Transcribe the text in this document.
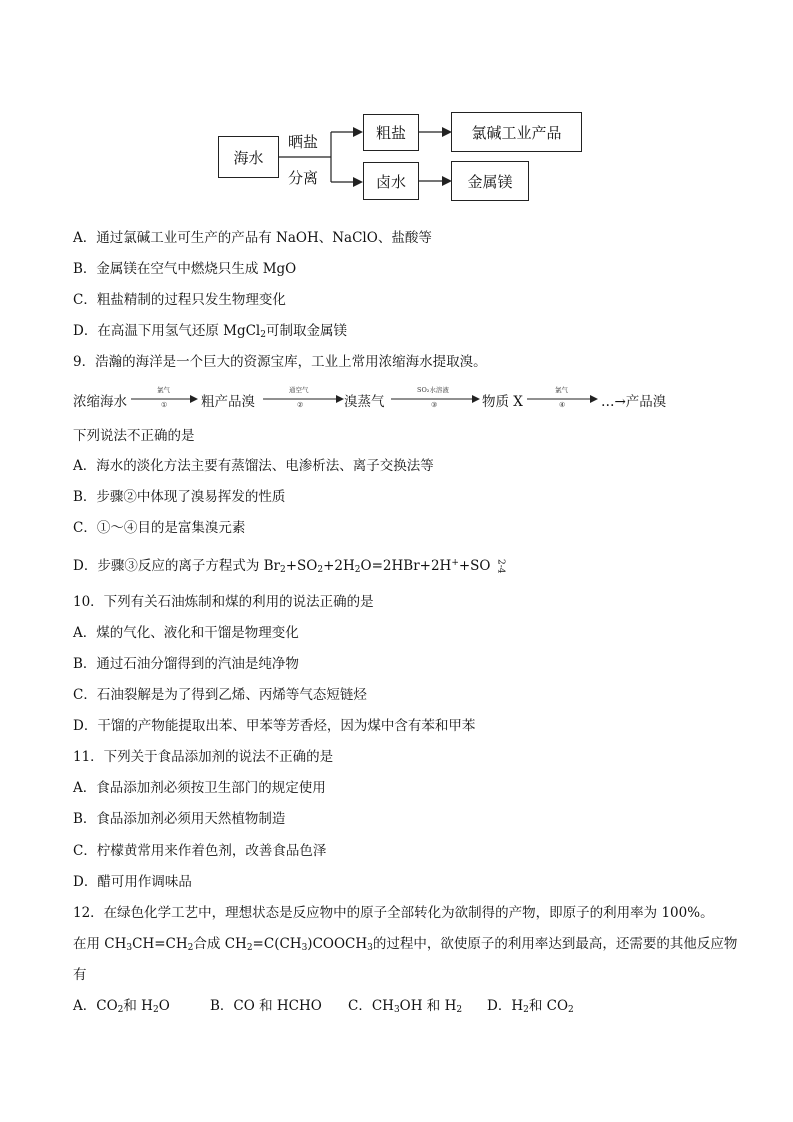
海水
晒盐
分离
粗盐	氯碱工业产品
卤水	金属镁
A．通过氯碱工业可生产的产品有 NaOH、NaClO、盐酸等
B．金属镁在空气中燃烧只生成 MgO
C．粗盐精制的过程只发生物理变化
D．在高温下用氢气还原 MgCl$_2$可制取金属镁
9．浩瀚的海洋是一个巨大的资源宝库，工业上常用浓缩海水提取溴。
浓缩海水
氯气
① 粗产品溴
通空气
②	溴蒸气
SO₂水溶液
③	物质 X
氯气
④	…→产品溴
下列说法不正确的是
A．海水的淡化方法主要有蒸馏法、电渗析法、离子交换法等
B．步骤②中体现了溴易挥发的性质
C．①～④目的是富集溴元素
D．步骤③反应的离子方程式为 $Br_2+SO_2+2H_2O=2HBr+2H^++SO$ 2-4
10．下列有关石油炼制和煤的利用的说法正确的是
A．煤的气化、液化和干馏是物理变化
B．通过石油分馏得到的汽油是纯净物
C．石油裂解是为了得到乙烯、丙烯等气态短链烃
D．干馏的产物能提取出苯、甲苯等芳香烃，因为煤中含有苯和甲苯
11．下列关于食品添加剂的说法不正确的是
A．食品添加剂必须按卫生部门的规定使用
B．食品添加剂必须用天然植物制造
C．柠檬黄常用来作着色剂，改善食品色泽
D．醋可用作调味品
12．在绿色化学工艺中，理想状态是反应物中的原子全部转化为欲制得的产物，即原子的利用率为 100%。
在用 $CH_3CH=CH_2$合成 $CH_2=C(CH_3)COOCH_3$的过程中，欲使原子的利用率达到最高，还需要的其他反应物
有
A．$CO_2$和 $H_2O$	B．CO 和 HCHO C．$CH_3OH$ 和 $H_2$ D．$H_2$和 $CO_2$
